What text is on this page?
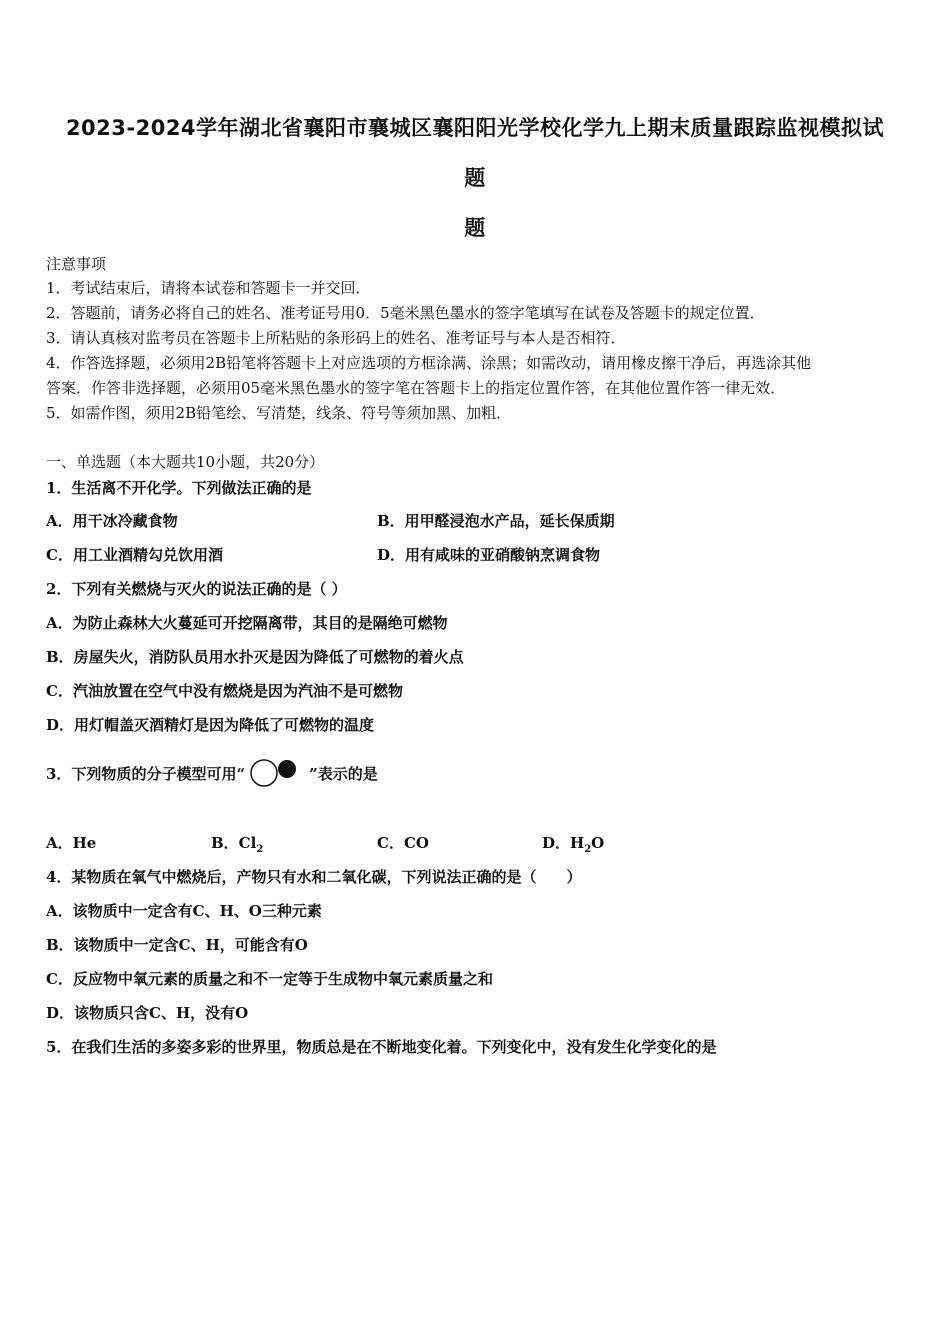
2023-2024学年湖北省襄阳市襄城区襄阳阳光学校化学九上期末质量跟踪监视模拟试
题
题
注意事项
1．考试结束后，请将本试卷和答题卡一并交回．
2．答题前，请务必将自己的姓名、准考证号用0．5毫米黑色墨水的签字笔填写在试卷及答题卡的规定位置．
3．请认真核对监考员在答题卡上所粘贴的条形码上的姓名、准考证号与本人是否相符．
4．作答选择题，必须用2B铅笔将答题卡上对应选项的方框涂满、涂黑；如需改动，请用橡皮擦干净后，再选涂其他
答案．作答非选择题，必须用05毫米黑色墨水的签字笔在答题卡上的指定位置作答，在其他位置作答一律无效．
5．如需作图，须用2B铅笔绘、写清楚，线条、符号等须加黑、加粗．
一、单选题（本大题共10小题，共20分）
1．生活离不开化学。下列做法正确的是
A．用干冰冷藏食物	B．用甲醛浸泡水产品，延长保质期
C．用工业酒精勾兑饮用酒	D．用有咸味的亚硝酸钠烹调食物
2．下列有关燃烧与灭火的说法正确的是（ ）
A．为防止森林大火蔓延可开挖隔离带，其目的是隔绝可燃物
B．房屋失火，消防队员用水扑灭是因为降低了可燃物的着火点
C．汽油放置在空气中没有燃烧是因为汽油不是可燃物
D．用灯帽盖灭酒精灯是因为降低了可燃物的温度
3．下列物质的分子模型可用“	”表示的是
A．He	B．$Cl_2$	C．CO	D．$H_2O$
4．某物质在氧气中燃烧后，产物只有水和二氧化碳，下列说法正确的是（　　）
A．该物质中一定含有C、H、O三种元素
B．该物质中一定含C、H，可能含有O
C．反应物中氧元素的质量之和不一定等于生成物中氧元素质量之和
D．该物质只含C、H，没有O
5．在我们生活的多姿多彩的世界里，物质总是在不断地变化着。下列变化中，没有发生化学变化的是
